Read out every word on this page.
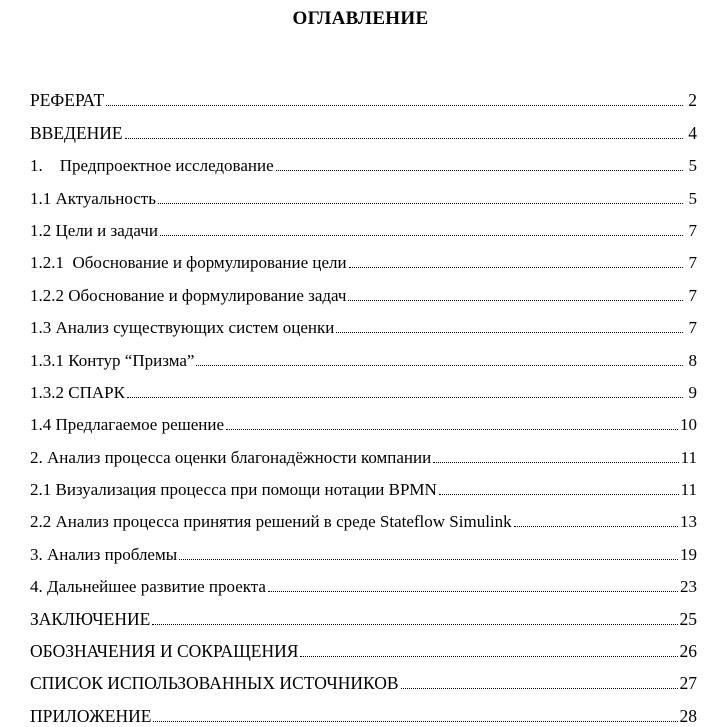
ОГЛАВЛЕНИЕ
РЕФЕРАТ	2
ВВЕДЕНИЕ	4
1.    Предпроектное исследование	5
1.1 Актуальность	5
1.2 Цели и задачи	7
1.2.1  Обоснование и формулирование цели	7
1.2.2 Обоснование и формулирование задач	7
1.3 Анализ существующих систем оценки	7
1.3.1 Контур “Призма”	8
1.3.2 СПАРК	9
1.4 Предлагаемое решение	10
2. Анализ процесса оценки благонадёжности компании	11
2.1 Визуализация процесса при помощи нотации BPMN	11
2.2 Анализ процесса принятия решений в среде Stateflow Simulink	13
3. Анализ проблемы	19
4. Дальнейшее развитие проекта	23
ЗАКЛЮЧЕНИЕ	25
ОБОЗНАЧЕНИЯ И СОКРАЩЕНИЯ	26
СПИСОК ИСПОЛЬЗОВАННЫХ ИСТОЧНИКОВ	27
ПРИЛОЖЕНИЕ	28
